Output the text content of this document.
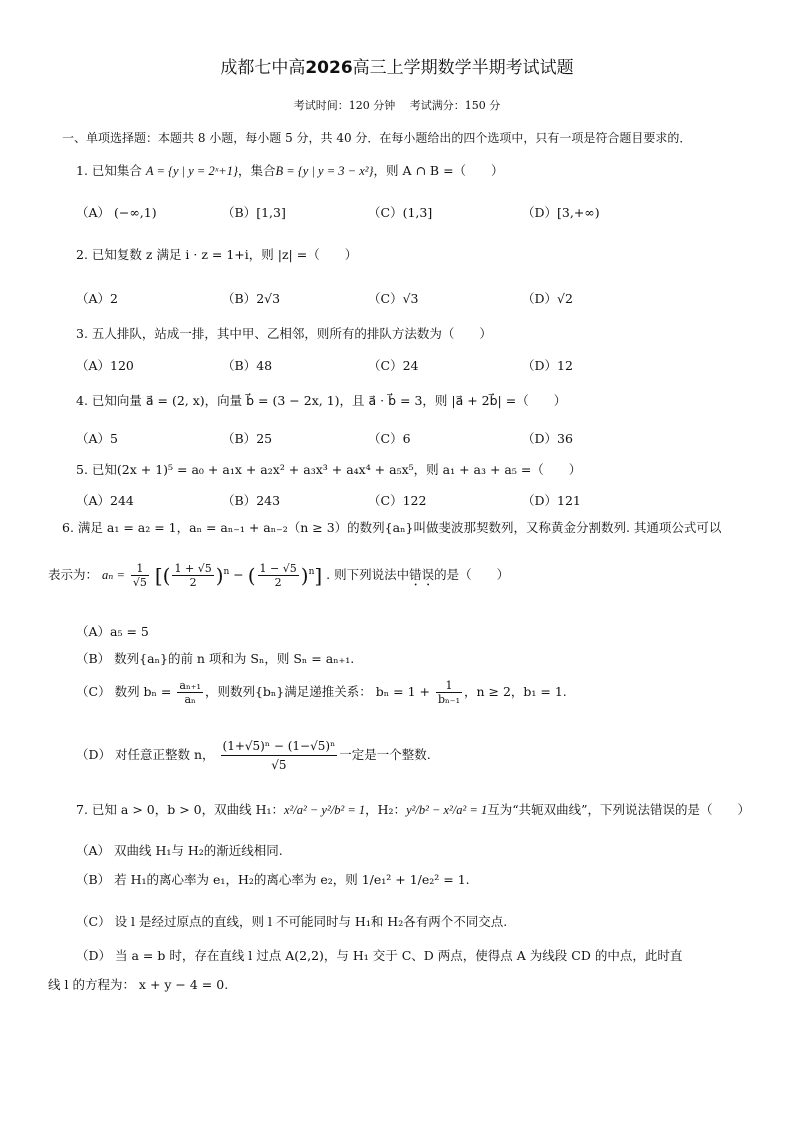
成都七中高2026高三上学期数学半期考试试题
考试时间：120 分钟　 考试满分：150 分
一、单项选择题：本题共 8 小题，每小题 5 分，共 40 分．在每小题给出的四个选项中，只有一项是符合题目要求的．
1. 已知集合 A = {y | y = 2ˣ+1}，集合B = {y | y = 3 − x²}，则 A ∩ B =（　　）
（A） (−∞,1)	（B）[1,3]	（C）(1,3]	（D）[3,+∞)
2. 已知复数 z 满足 i · z = 1+i，则 |z| =（　　）
（A）2	（B）2√3	（C）√3	（D）√2
3. 五人排队，站成一排，其中甲、乙相邻，则所有的排队方法数为（　　）
（A）120	（B）48	（C）24	（D）12
4. 已知向量 a⃗ = (2, x)，向量 b⃗ = (3 − 2x, 1)，且 a⃗ · b⃗ = 3，则 |a⃗ + 2b⃗| =（　　）
（A）5	（B）25	（C）6	（D）36
5. 已知(2x + 1)⁵ = a₀ + a₁x + a₂x² + a₃x³ + a₄x⁴ + a₅x⁵，则 a₁ + a₃ + a₅ =（　　）
（A）244	（B）243	（C）122	（D）121
6. 满足 a₁ = a₂ = 1，aₙ = aₙ₋₁ + aₙ₋₂（n ≥ 3）的数列{aₙ}叫做斐波那契数列，又称黄金分割数列. 其通项公式可以
表示为： $a_n = \frac{1}{√5}$ [( $\frac{1 + √5}{2} )^n$ − ( $\frac{1 - √5}{2} )^n$] . 则下列说法中错误的是（　　）
（A）a₅ = 5
（B） 数列{aₙ}的前 n 项和为 Sₙ，则 Sₙ = aₙ₊₁.
（C） 数列 $b_n = \frac{\text{aₙ₊₁}}{\text{aₙ}}$ ，则数列{bₙ}满足递推关系： $b_n = 1 + \frac{1}{\text{bₙ₋₁}}$ ，n ≥ 2，b₁ = 1.
（D） 对任意正整数 n， $\frac{\text{(1+√5)ⁿ − (1−√5)ⁿ}}{√5}$ 一定是一个整数.
7. 已知 a > 0，b > 0，双曲线 H₁：x²/a² − y²/b² = 1，H₂：y²/b² − x²/a² = 1互为“共轭双曲线”，下列说法错误的是（　　）
（A） 双曲线 H₁与 H₂的渐近线相同.
（B） 若 H₁的离心率为 e₁，H₂的离心率为 e₂，则 1/e₁² + 1/e₂² = 1.
（C） 设 l 是经过原点的直线，则 l 不可能同时与 H₁和 H₂各有两个不同交点.
（D） 当 a = b 时，存在直线 l 过点 A(2,2)，与 H₁ 交于 C、D 两点，使得点 A 为线段 CD 的中点，此时直
线 l 的方程为： x + y − 4 = 0.
